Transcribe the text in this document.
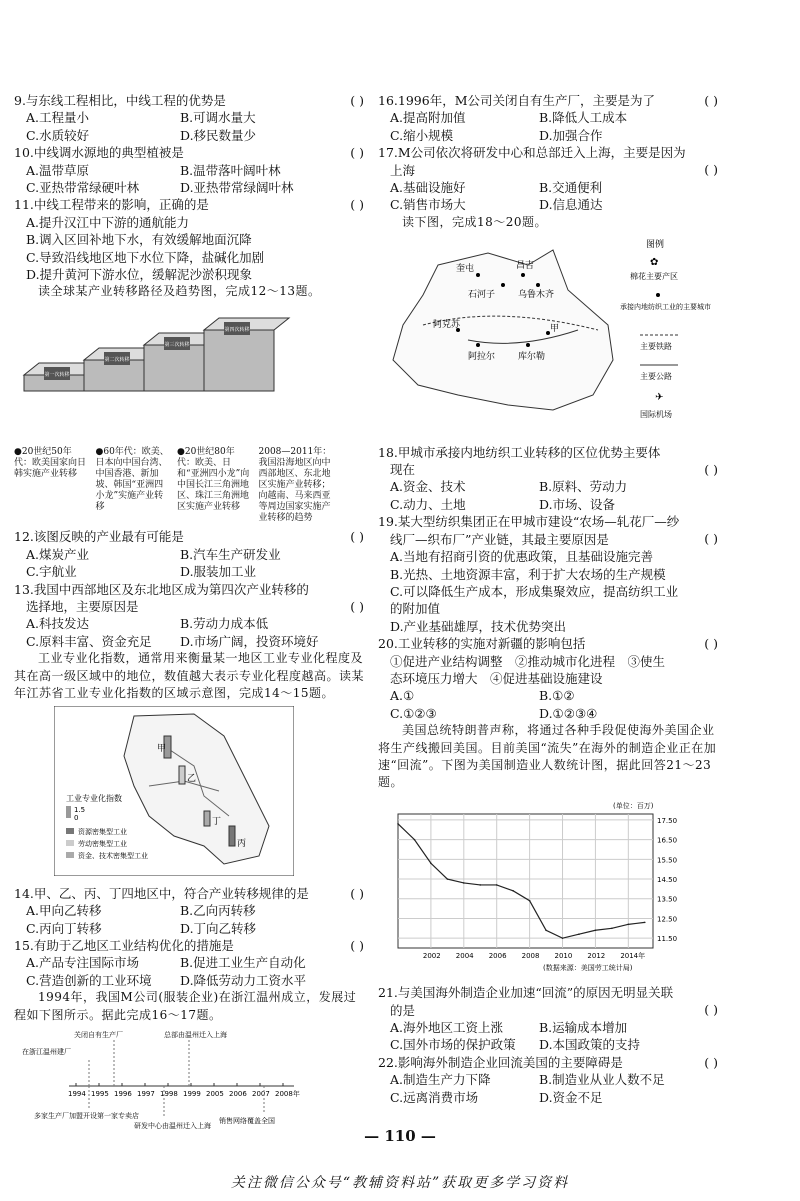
9.与东线工程相比，中线工程的优势是	( )
A.工程量小	B.可调水量大
C.水质较好	D.移民数量少
10.中线调水源地的典型植被是	( )
A.温带草原	B.温带落叶阔叶林
C.亚热带常绿硬叶林	D.亚热带常绿阔叶林
11.中线工程带来的影响，正确的是	( )
A.提升汉江中下游的通航能力
B.调入区回补地下水，有效缓解地面沉降
C.导致沿线地区地下水位下降，盐碱化加剧
D.提升黄河下游水位，缓解泥沙淤积现象
读全球某产业转移路径及趋势图，完成12～13题。
第一次转移
第二次转移
第三次转移
第四次转移
●20世纪50年代：欧美国家向日韩实施产业转移
●60年代：欧美、日本向中国台湾、中国香港、新加坡、韩国“亚洲四小龙”实施产业转移
●20世纪80年代：欧美、日和“亚洲四小龙”向中国长江三角洲地区、珠江三角洲地区实施产业转移
2008—2011年：我国沿海地区向中西部地区、东北地区实施产业转移；向越南、马来西亚等周边国家实施产业转移的趋势
12.该图反映的产业最有可能是	( )
A.煤炭产业	B.汽车生产研发业
C.宇航业	D.服装加工业
13.我国中西部地区及东北地区成为第四次产业转移的
选择地，主要原因是	( )
A.科技发达	B.劳动力成本低
C.原料丰富、资金充足	D.市场广阔，投资环境好
工业专业化指数，通常用来衡量某一地区工业专业化程度及其在高一级区域中的地位，数值越大表示专业化程度越高。读某年江苏省工业专业化指数的区域示意图，完成14～15题。
甲
乙
丙
丁
工业专业化指数
1.5
0
资源密集型工业
劳动密集型工业
资金、技术密集型工业
14.甲、乙、丙、丁四地区中，符合产业转移规律的是	( )
A.甲向乙转移	B.乙向丙转移
C.丙向丁转移	D.丁向乙转移
15.有助于乙地区工业结构优化的措施是	( )
A.产品专注国际市场	B.促进工业生产自动化
C.营造创新的工业环境	D.降低劳动力工资水平
1994年，我国M公司(服装企业)在浙江温州成立，发展过程如下图所示。据此完成16～17题。
1994 1995 1996 1997 1998 1999 2005 2006 2007 2008年
在浙江温州建厂
关闭自有生产厂	总部由温州迁入上海
多家生产厂加盟开设第一家专卖店
研发中心由温州迁入上海
销售网络覆盖全国
16.1996年，M公司关闭自有生产厂，主要是为了	( )
A.提高附加值	B.降低人工成本
C.缩小规模	D.加强合作
17.M公司依次将研发中心和总部迁入上海，主要是因为
上海	( )
A.基础设施好	B.交通便利
C.销售市场大	D.信息通达
读下图，完成18～20题。
奎屯	昌吉
乌鲁木齐
石河子
阿克苏
阿拉尔
甲
库尔勒
图例
✿
棉花主要产区
承接内地纺织工业的主要城市
主要铁路
主要公路
✈
国际机场
18.甲城市承接内地纺织工业转移的区位优势主要体
现在	( )
A.资金、技术	B.原料、劳动力
C.动力、土地	D.市场、设备
19.某大型纺织集团正在甲城市建设“农场—轧花厂—纱
线厂—织布厂”产业链，其最主要原因是	( )
A.当地有招商引资的优惠政策，且基础设施完善
B.光热、土地资源丰富，利于扩大农场的生产规模
C.可以降低生产成本，形成集聚效应，提高纺织工业的附加值
D.产业基础雄厚，技术优势突出
20.工业转移的实施对新疆的影响包括	( )
①促进产业结构调整　②推动城市化进程　③使生
态环境压力增大　④促进基础设施建设
A.①	B.①②
C.①②③	D.①②③④
美国总统特朗普声称，将通过各种手段促使海外美国企业将生产线搬回美国。目前美国“流失”在海外的制造企业正在加速“回流”。下图为美国制造业人数统计图，据此回答21～23题。
(单位：百万)
17.50
16.50
15.50
14.50
13.50
12.50
11.50
2002 2004 2006 2008 2010 2012 2014年
(数据来源：美国劳工统计局)
21.与美国海外制造企业加速“回流”的原因无明显关联
的是	( )
A.海外地区工资上涨	B.运输成本增加
C.国外市场的保护政策	D.本国政策的支持
22.影响海外制造企业回流美国的主要障碍是	( )
A.制造生产力下降	B.制造业从业人数不足
C.远离消费市场	D.资金不足
— 110 —
关注微信公众号“教辅资料站”获取更多学习资料
